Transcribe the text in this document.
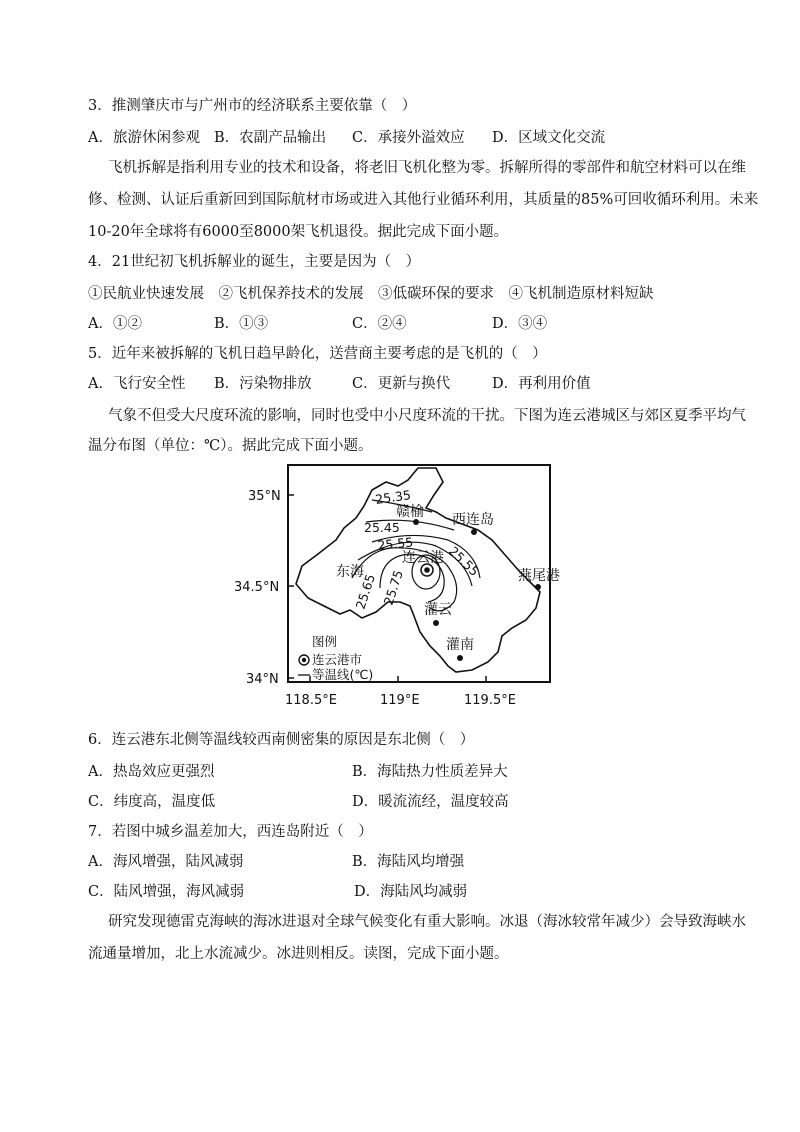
3．推测肇庆市与广州市的经济联系主要依靠（　）
A．旅游休闲参观 B．农副产品输出 C．承接外溢效应 D．区域文化交流
飞机拆解是指利用专业的技术和设备，将老旧飞机化整为零。拆解所得的零部件和航空材料可以在维
修、检测、认证后重新回到国际航材市场或进入其他行业循环利用，其质量的85%可回收循环利用。未来
10-20年全球将有6000至8000架飞机退役。据此完成下面小题。
4．21世纪初飞机拆解业的诞生，主要是因为（　）
①民航业快速发展　②飞机保养技术的发展　③低碳环保的要求　④飞机制造原材料短缺
A．①②	B．①③	C．②④	D．③④
5．近年来被拆解的飞机日趋早龄化，送营商主要考虑的是飞机的（　）
A．飞行安全性 B．污染物排放	C．更新与换代	D．再利用价值
气象不但受大尺度环流的影响，同时也受中小尺度环流的干扰。下图为连云港城区与郊区夏季平均气
温分布图（单位：℃）。据此完成下面小题。
35°N
34.5°N
34°N
118.5°E	119°E	119.5°E
25.35
25.45
25.55	25.55
25.65 25.75
赣榆 西连岛
连云港
东海	燕尾港
灌云
灌南
图例
连云港市
等温线(℃)
6．连云港东北侧等温线较西南侧密集的原因是东北侧（　）
A．热岛效应更强烈	B．海陆热力性质差异大
C．纬度高，温度低	D．暖流流经，温度较高
7．若图中城乡温差加大，西连岛附近（　）
A．海风增强，陆风减弱	B．海陆风均增强
C．陆风增强，海风减弱	D．海陆风均减弱
研究发现德雷克海峡的海冰进退对全球气候变化有重大影响。冰退（海冰较常年减少）会导致海峡水
流通量增加，北上水流减少。冰进则相反。读图，完成下面小题。
